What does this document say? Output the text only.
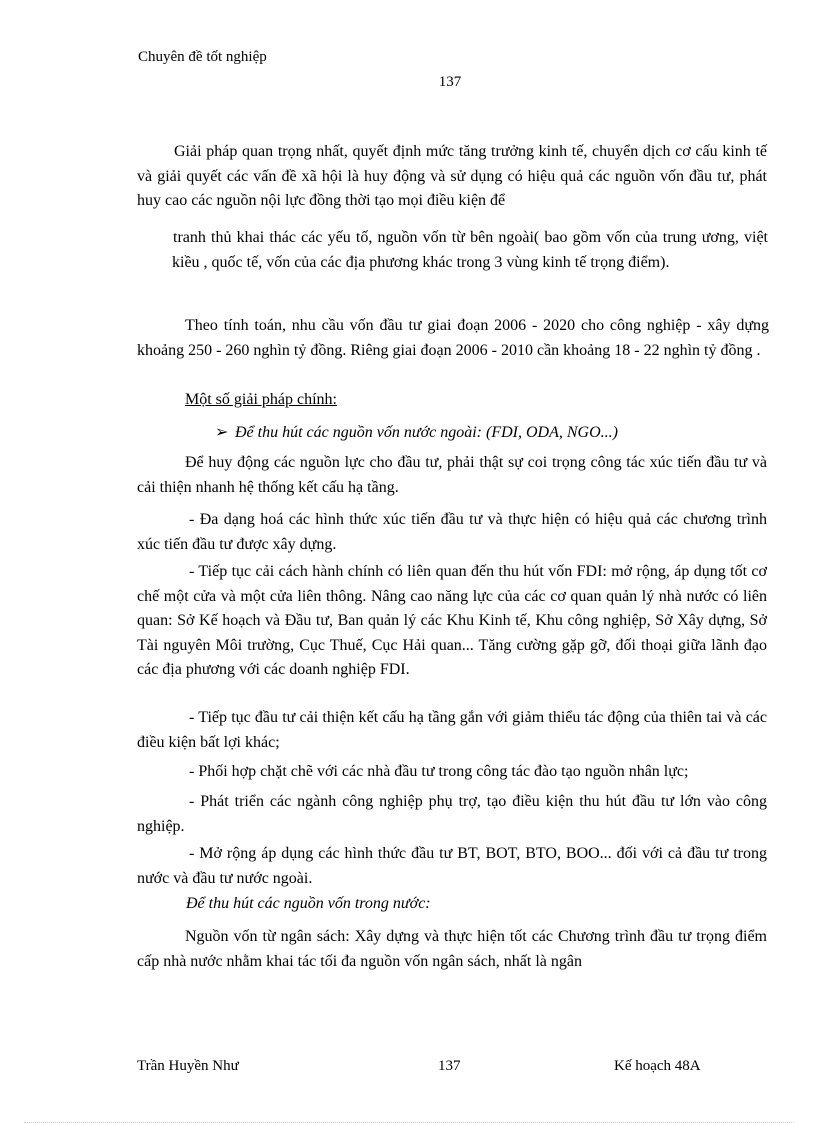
Chuyên đề tốt nghiệp
137
Giải pháp quan trọng nhất, quyết định mức tăng trưởng kinh tế, chuyển dịch cơ cấu kinh tế và giải quyết các vấn đề xã hội là huy động và sử dụng có hiệu quả các nguồn vốn đầu tư, phát huy cao các nguồn nội lực đồng thời tạo mọi điều kiện để
tranh thủ khai thác các yếu tố, nguồn vốn từ bên ngoài( bao gồm vốn của trung ương, việt kiều , quốc tế, vốn của các địa phương khác trong 3 vùng kinh tế trọng điểm).
Theo tính toán, nhu cầu vốn đầu tư giai đoạn 2006 - 2020 cho công nghiệp - xây dựng khoảng 250 - 260 nghìn tỷ đồng. Riêng giai đoạn 2006 - 2010 cần khoảng 18 - 22 nghìn tỷ đồng .
Một số giải pháp chính:
➢ Để thu hút các nguồn vốn nước ngoài: (FDI, ODA, NGO...)
Để huy động các nguồn lực cho đầu tư, phải thật sự coi trọng công tác xúc tiến đầu tư và cải thiện nhanh hệ thống kết cấu hạ tầng.
- Đa dạng hoá các hình thức xúc tiến đầu tư và thực hiện có hiệu quả các chương trình xúc tiến đầu tư được xây dựng.
- Tiếp tục cải cách hành chính có liên quan đến thu hút vốn FDI: mở rộng, áp dụng tốt cơ chế một cửa và một cửa liên thông. Nâng cao năng lực của các cơ quan quản lý nhà nước có liên quan: Sở Kế hoạch và Đầu tư, Ban quản lý các Khu Kinh tế, Khu công nghiệp, Sở Xây dựng, Sở Tài nguyên Môi trường, Cục Thuế, Cục Hải quan... Tăng cường gặp gỡ, đối thoại giữa lãnh đạo các địa phương với các doanh nghiệp FDI.
- Tiếp tục đầu tư cải thiện kết cấu hạ tầng gắn với giảm thiểu tác động của thiên tai và các điều kiện bất lợi khác;
- Phối hợp chặt chẽ với các nhà đầu tư trong công tác đào tạo nguồn nhân lực;
- Phát triển các ngành công nghiệp phụ trợ, tạo điều kiện thu hút đầu tư lớn vào công nghiệp.
- Mở rộng áp dụng các hình thức đầu tư BT, BOT, BTO, BOO... đối với cả đầu tư trong nước và đầu tư nước ngoài.
Để thu hút các nguồn vốn trong nước:
Nguồn vốn từ ngân sách: Xây dựng và thực hiện tốt các Chương trình đầu tư trọng điểm cấp nhà nước nhằm khai tác tối đa nguồn vốn ngân sách, nhất là ngân
Trần Huyền Như	137	Kế hoạch 48A
